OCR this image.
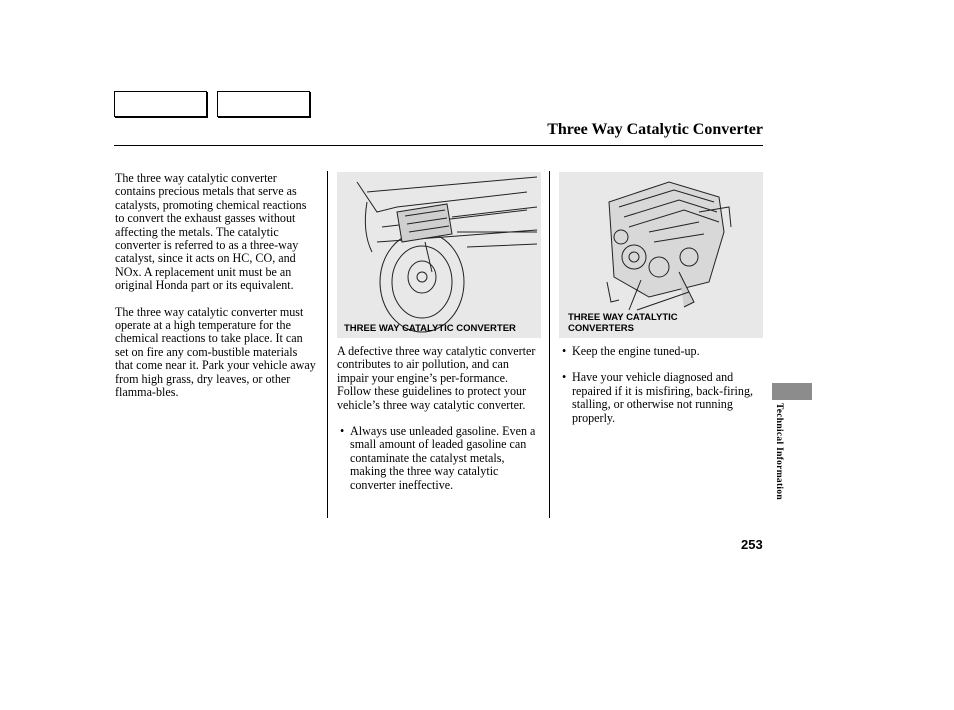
Three Way Catalytic Converter

The three way catalytic converter contains precious metals that serve as catalysts, promoting chemical reactions to convert the exhaust gasses without affecting the metals. The catalytic converter is referred to as a three-way catalyst, since it acts on HC, CO, and NOx. A replacement unit must be an original Honda part or its equivalent.

The three way catalytic converter must operate at a high temperature for the chemical reactions to take place. It can set on fire any com-bustible materials that come near it. Park your vehicle away from high grass, dry leaves, or other flamma-bles.

THREE WAY CATALYTIC CONVERTER

A defective three way catalytic converter contributes to air pollution, and can impair your engine’s per-formance. Follow these guidelines to protect your vehicle’s three way catalytic converter.

• Always use unleaded gasoline. Even a small amount of leaded gasoline can contaminate the catalyst metals, making the three way catalytic converter ineffective.
THREE WAY CATALYTIC
CONVERTERS
• Keep the engine tuned-up.
• Have your vehicle diagnosed and repaired if it is misfiring, back-firing, stalling, or otherwise not running properly.	Technical Information
253
